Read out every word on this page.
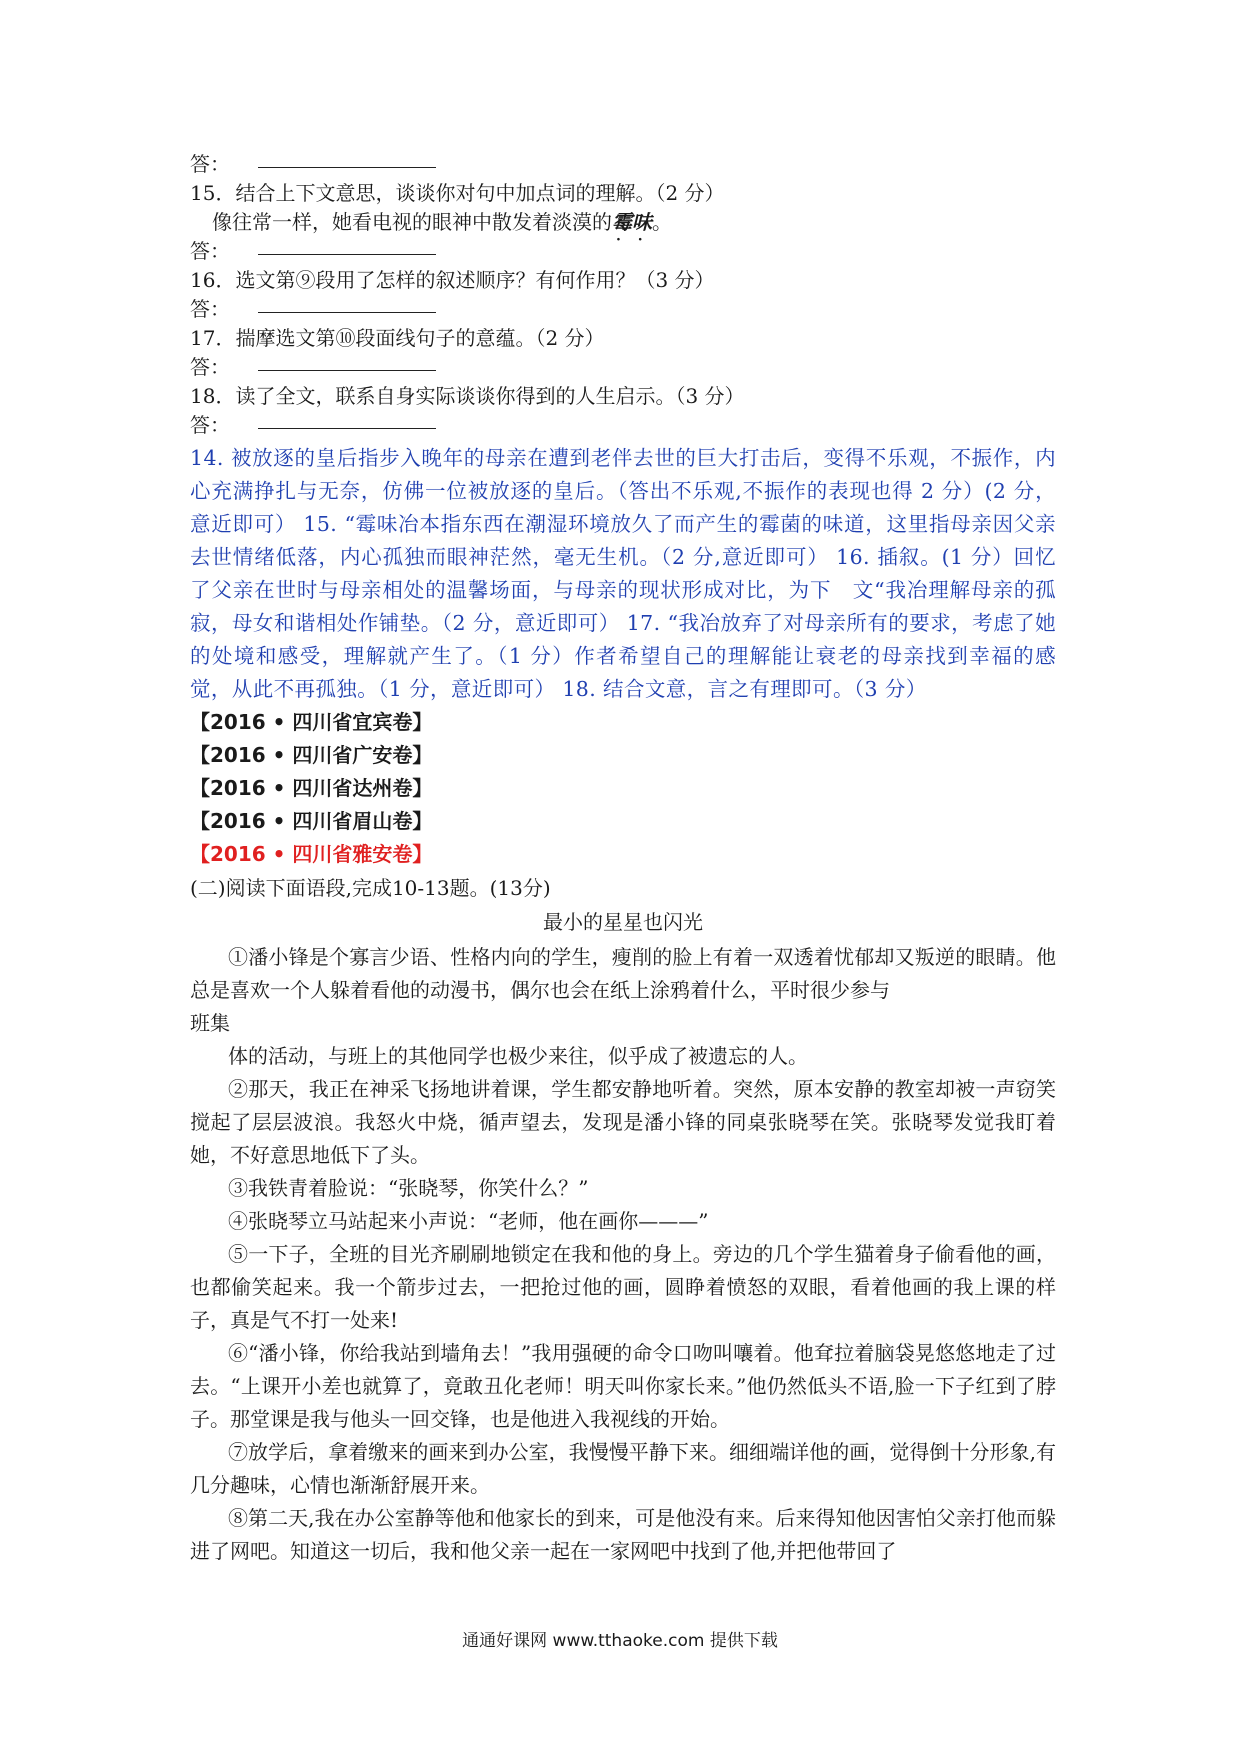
答：
15．结合上下文意思，谈谈你对句中加点词的理解。（2 分）
像往常一样，她看电视的眼神中散发着淡漠的霉味 · ·。
答：
16．选文第⑨段用了怎样的叙述顺序？有何作用？（3 分）
答：
17．揣摩选文第⑩段面线句子的意蕴。（2 分）
答：
18．读了全文，联系自身实际谈谈你得到的人生启示。（3 分）
答：
14. 被放逐的皇后指步入晚年的母亲在遭到老伴去世的巨大打击后，变得不乐观，不振作，内心充满挣扎与无奈，仿佛一位被放逐的皇后。（答出不乐观,不振作的表现也得 2 分）(2 分，意近即可） 15. “霉味冶本指东西在潮湿环境放久了而产生的霉菌的味道，这里指母亲因父亲去世情绪低落，内心孤独而眼神茫然，毫无生机。（2 分,意近即可） 16. 插叙。(1 分）回忆了父亲在世时与母亲相处的温馨场面，与母亲的现状形成对比，为下　文“我冶理解母亲的孤寂，母女和谐相处作铺垫。（2 分，意近即可） 17. “我冶放弃了对母亲所有的要求，考虑了她的处境和感受，理解就产生了。（1 分）作者希望自己的理解能让衰老的母亲找到幸福的感觉，从此不再孤独。（1 分，意近即可） 18. 结合文意，言之有理即可。（3 分）
【2016 • 四川省宜宾卷】
【2016 • 四川省广安卷】
【2016 • 四川省达州卷】
【2016 • 四川省眉山卷】
【2016 • 四川省雅安卷】
(二)阅读下面语段,完成10-13题。(13分)
最小的星星也闪光
①潘小锋是个寡言少语、性格内向的学生，瘦削的脸上有着一双透着忧郁却又叛逆的眼睛。他总是喜欢一个人躲着看他的动漫书，偶尔也会在纸上涂鸦着什么，平时很少参与
班集
体的活动，与班上的其他同学也极少来往，似乎成了被遗忘的人。
②那天，我正在神采飞扬地讲着课，学生都安静地听着。突然，原本安静的教室却被一声窃笑搅起了层层波浪。我怒火中烧，循声望去，发现是潘小锋的同桌张晓琴在笑。张晓琴发觉我盯着她，不好意思地低下了头。
③我铁青着脸说：“张晓琴，你笑什么？”
④张晓琴立马站起来小声说：“老师，他在画你———”
⑤一下子，全班的目光齐刷刷地锁定在我和他的身上。旁边的几个学生猫着身子偷看他的画，也都偷笑起来。我一个箭步过去，一把抢过他的画，圆睁着愤怒的双眼，看着他画的我上课的样子，真是气不打一处来!
⑥“潘小锋，你给我站到墙角去！”我用强硬的命令口吻叫嚷着。他耷拉着脑袋晃悠悠地走了过去。“上课开小差也就算了，竟敢丑化老师！明天叫你家长来。”他仍然低头不语,脸一下子红到了脖子。那堂课是我与他头一回交锋，也是他进入我视线的开始。
⑦放学后，拿着缴来的画来到办公室，我慢慢平静下来。细细端详他的画，觉得倒十分形象,有几分趣味，心情也渐渐舒展开来。
⑧第二天,我在办公室静等他和他家长的到来，可是他没有来。后来得知他因害怕父亲打他而躲进了网吧。知道这一切后，我和他父亲一起在一家网吧中找到了他,并把他带回了
通通好课网 www.tthaoke.com 提供下载
